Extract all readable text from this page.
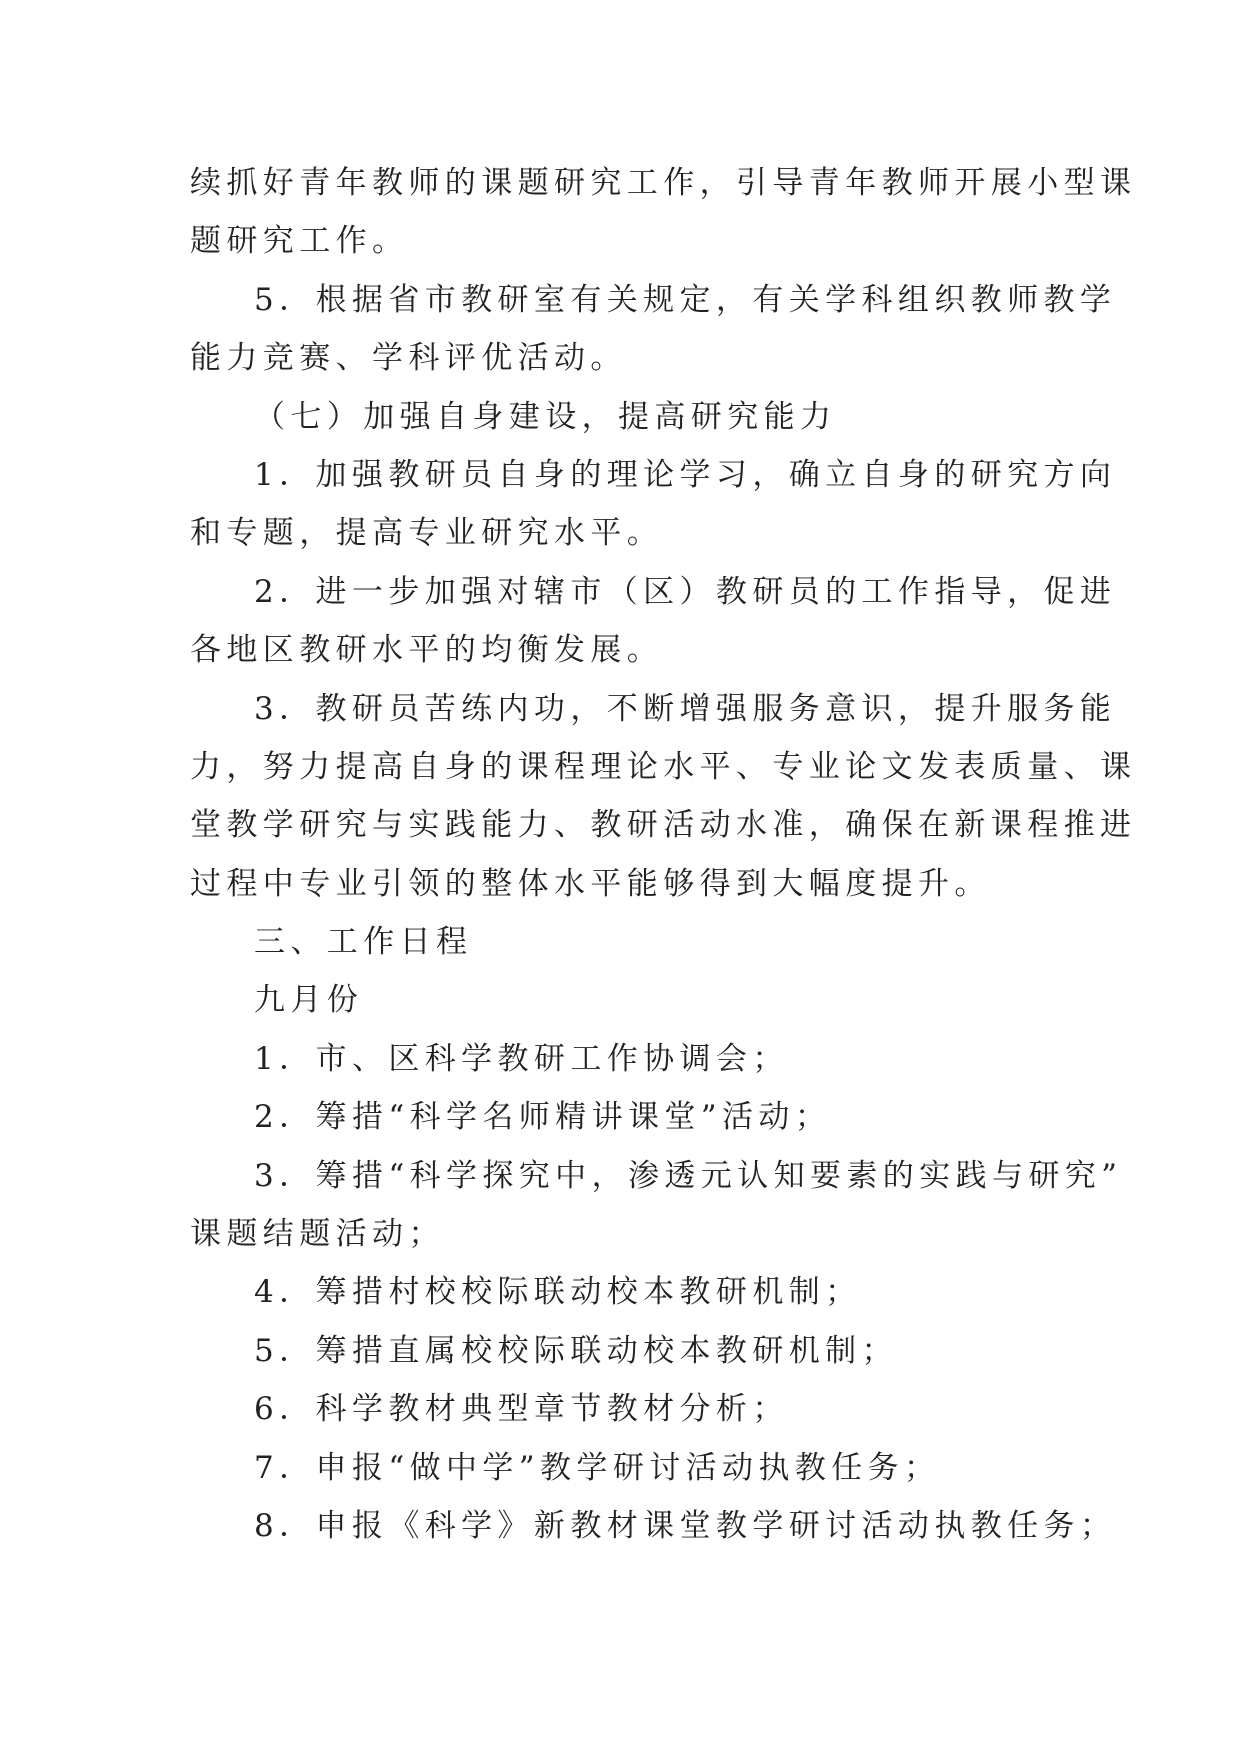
续抓好青年教师的课题研究工作，引导青年教师开展小型课
题研究工作。
5．根据省市教研室有关规定，有关学科组织教师教学
能力竞赛、学科评优活动。
（七）加强自身建设，提高研究能力
1．加强教研员自身的理论学习，确立自身的研究方向
和专题，提高专业研究水平。
2．进一步加强对辖市（区）教研员的工作指导，促进
各地区教研水平的均衡发展。
3．教研员苦练内功，不断增强服务意识，提升服务能
力，努力提高自身的课程理论水平、专业论文发表质量、课
堂教学研究与实践能力、教研活动水准，确保在新课程推进
过程中专业引领的整体水平能够得到大幅度提升。
三、工作日程
九月份
1．市、区科学教研工作协调会；
2．筹措“科学名师精讲课堂”活动；
3．筹措“科学探究中，渗透元认知要素的实践与研究”
课题结题活动；
4．筹措村校校际联动校本教研机制；
5．筹措直属校校际联动校本教研机制；
6．科学教材典型章节教材分析；
7．申报“做中学”教学研讨活动执教任务；
8．申报《科学》新教材课堂教学研讨活动执教任务；
